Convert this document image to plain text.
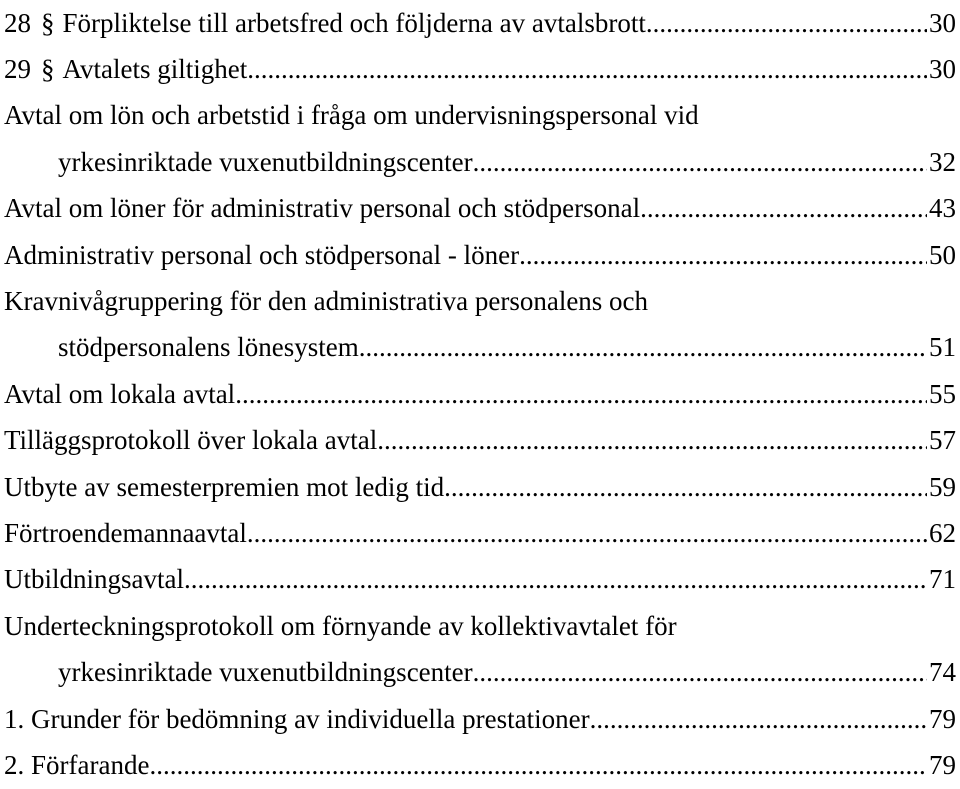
28 § Förpliktelse till arbetsfred och följderna av avtalsbrott .....	30
29 § Avtalets giltighet .....	30
Avtal om lön och arbetstid i fråga om undervisningspersonal vid
yrkesinriktade vuxenutbildningscenter .....	32
Avtal om löner för administrativ personal och stödpersonal .....	43
Administrativ personal och stödpersonal - löner .....	50
Kravnivågruppering för den administrativa personalens och
stödpersonalens lönesystem .....	51
Avtal om lokala avtal .....	55
Tilläggsprotokoll över lokala avtal .....	57
Utbyte av semesterpremien mot ledig tid .....	59
Förtroendemannaavtal .....	62
Utbildningsavtal .....	71
Underteckningsprotokoll om förnyande av kollektivavtalet för
yrkesinriktade vuxenutbildningscenter .....	74
1. Grunder för bedömning av individuella prestationer .....	79
2. Förfarande .....	79
